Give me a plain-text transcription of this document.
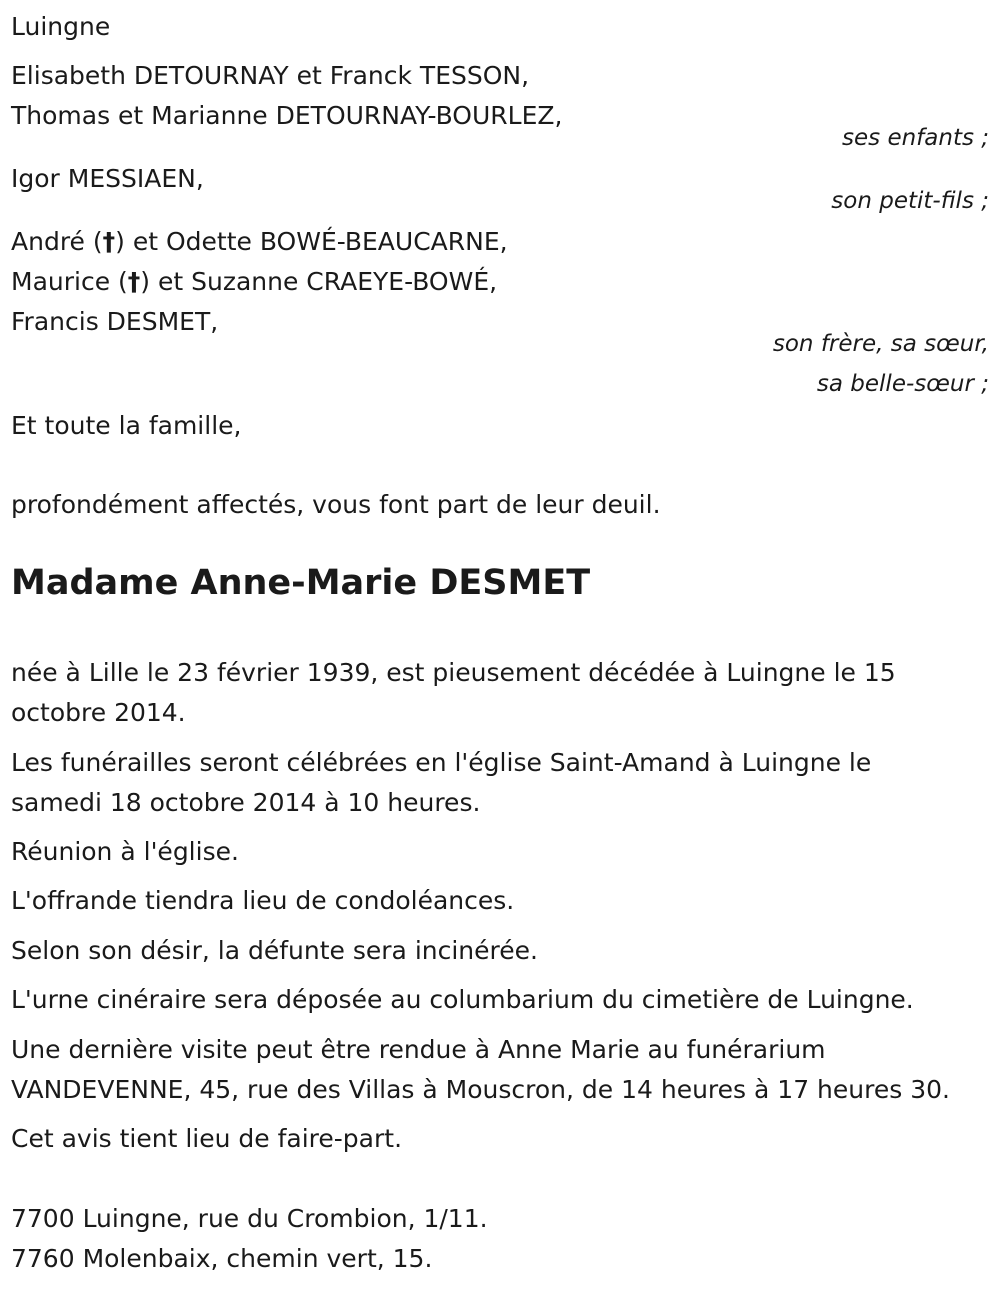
Luingne
Elisabeth DETOURNAY et Franck TESSON,
Thomas et Marianne DETOURNAY-BOURLEZ,
ses enfants ;
Igor MESSIAEN,
son petit-fils ;
André (†) et Odette BOWÉ-BEAUCARNE,
Maurice (†) et Suzanne CRAEYE-BOWÉ,
Francis DESMET,
son frère, sa sœur,
sa belle-sœur ;
Et toute la famille,
profondément affectés, vous font part de leur deuil.
Madame Anne-Marie DESMET
née à Lille le 23 février 1939, est pieusement décédée à Luingne le 15
octobre 2014.
Les funérailles seront célébrées en l'église Saint-Amand à Luingne le
samedi 18 octobre 2014 à 10 heures.
Réunion à l'église.
L'offrande tiendra lieu de condoléances.
Selon son désir, la défunte sera incinérée.
L'urne cinéraire sera déposée au columbarium du cimetière de Luingne.
Une dernière visite peut être rendue à Anne Marie au funérarium
VANDEVENNE, 45, rue des Villas à Mouscron, de 14 heures à 17 heures 30.
Cet avis tient lieu de faire-part.
7700 Luingne, rue du Crombion, 1/11.
7760 Molenbaix, chemin vert, 15.
